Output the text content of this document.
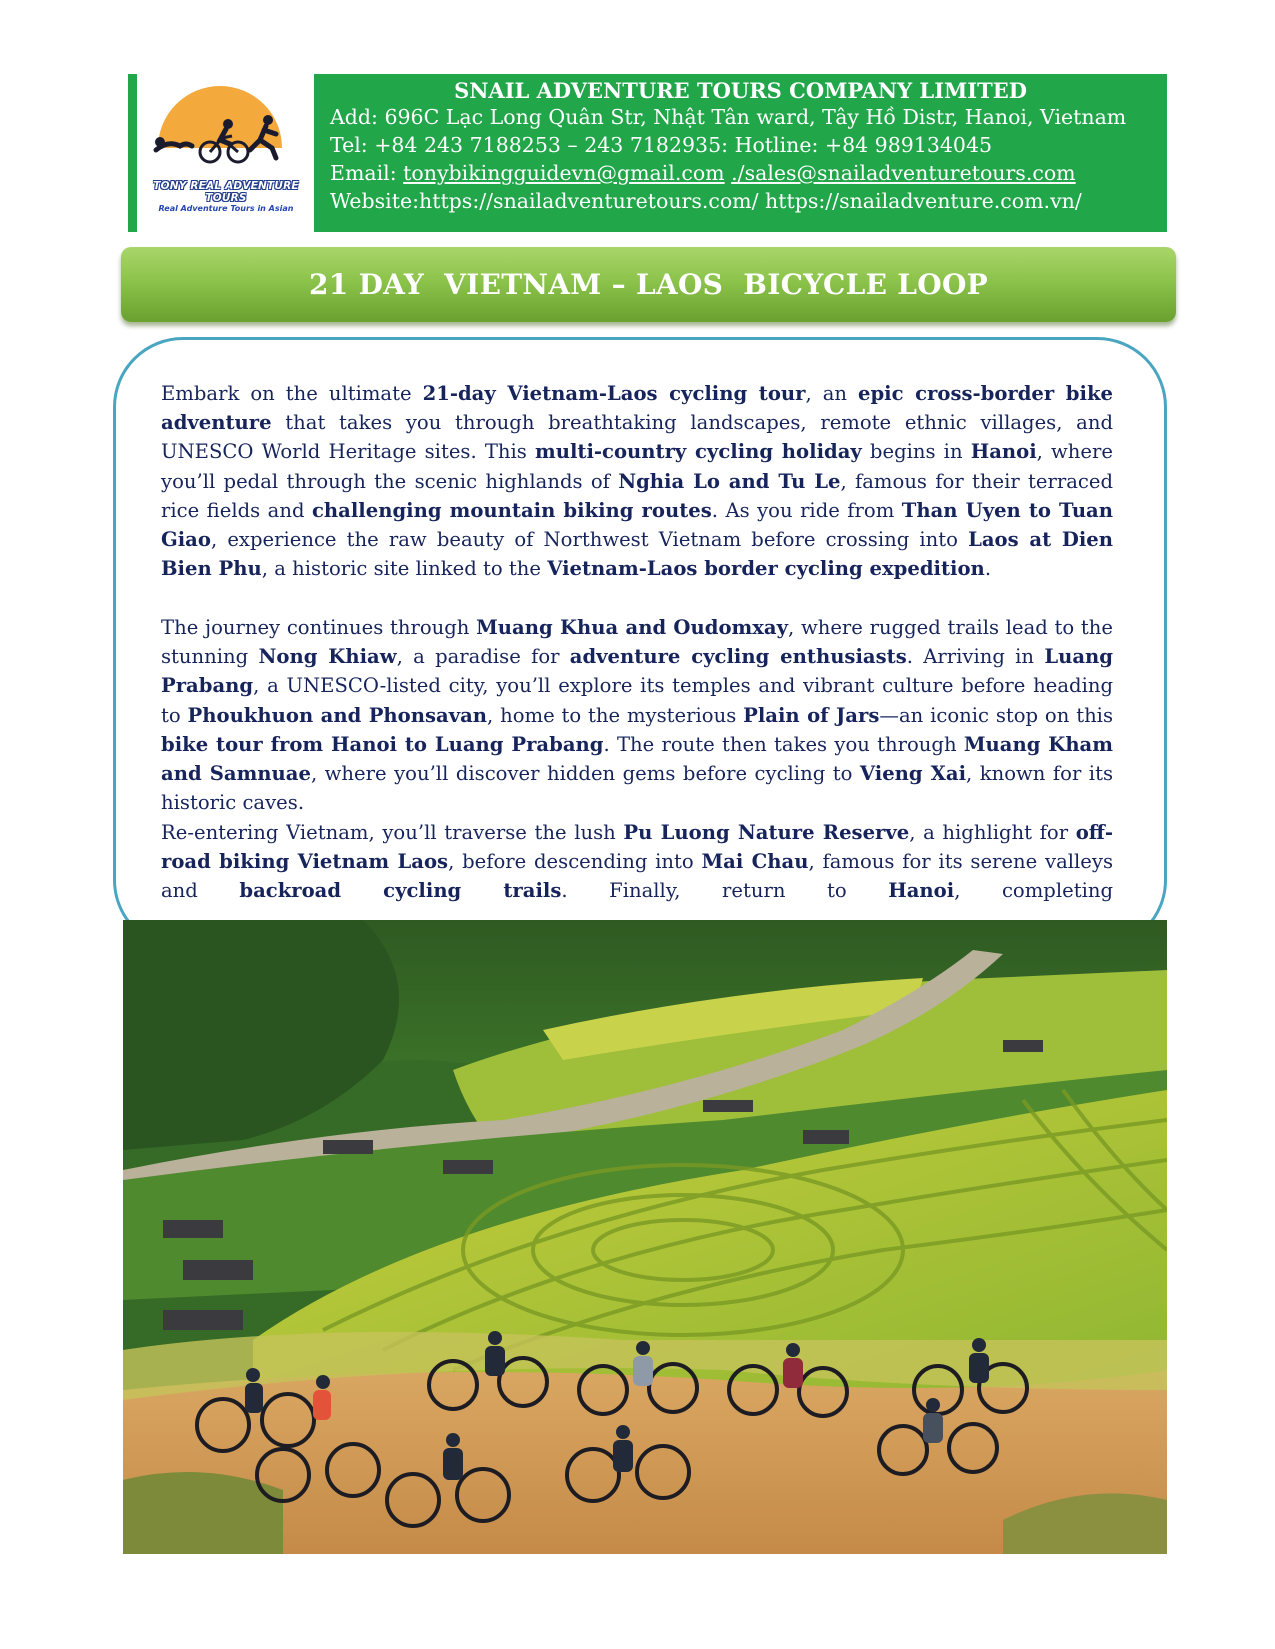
TONY REAL ADVENTURE TOURS
Real Adventure Tours in Asian
SNAIL ADVENTURE TOURS COMPANY LIMITED
Add: 696C Lạc Long Quân Str, Nhật Tân ward, Tây Hồ Distr, Hanoi, Vietnam
Tel: +84 243 7188253 – 243 7182935: Hotline: +84 989134045
Email: tonybikingguidevn@gmail.com ./sales@snailadventuretours.com
Website:https://snailadventuretours.com/ https://snailadventure.com.vn/
21 DAY  VIETNAM – LAOS  BICYCLE LOOP

Embark on the ultimate 21-day Vietnam-Laos cycling tour, an epic cross-border bike adventure that takes you through breathtaking landscapes, remote ethnic villages, and UNESCO World Heritage sites. This multi-country cycling holiday begins in Hanoi, where you’ll pedal through the scenic highlands of Nghia Lo and Tu Le, famous for their terraced rice fields and challenging mountain biking routes. As you ride from Than Uyen to Tuan Giao, experience the raw beauty of Northwest Vietnam before crossing into Laos at Dien Bien Phu, a historic site linked to the Vietnam-Laos border cycling expedition.

The journey continues through Muang Khua and Oudomxay, where rugged trails lead to the stunning Nong Khiaw, a paradise for adventure cycling enthusiasts. Arriving in Luang Prabang, a UNESCO-listed city, you’ll explore its temples and vibrant culture before heading to Phoukhuon and Phonsavan, home to the mysterious Plain of Jars—an iconic stop on this bike tour from Hanoi to Luang Prabang. The route then takes you through Muang Kham and Samnuae, where you’ll discover hidden gems before cycling to Vieng Xai, known for its historic caves.

Re-entering Vietnam, you’ll traverse the lush Pu Luong Nature Reserve, a highlight for off-road biking Vietnam Laos, before descending into Mai Chau, famous for its serene valleys and backroad cycling trails. Finally, return to Hanoi, completing
